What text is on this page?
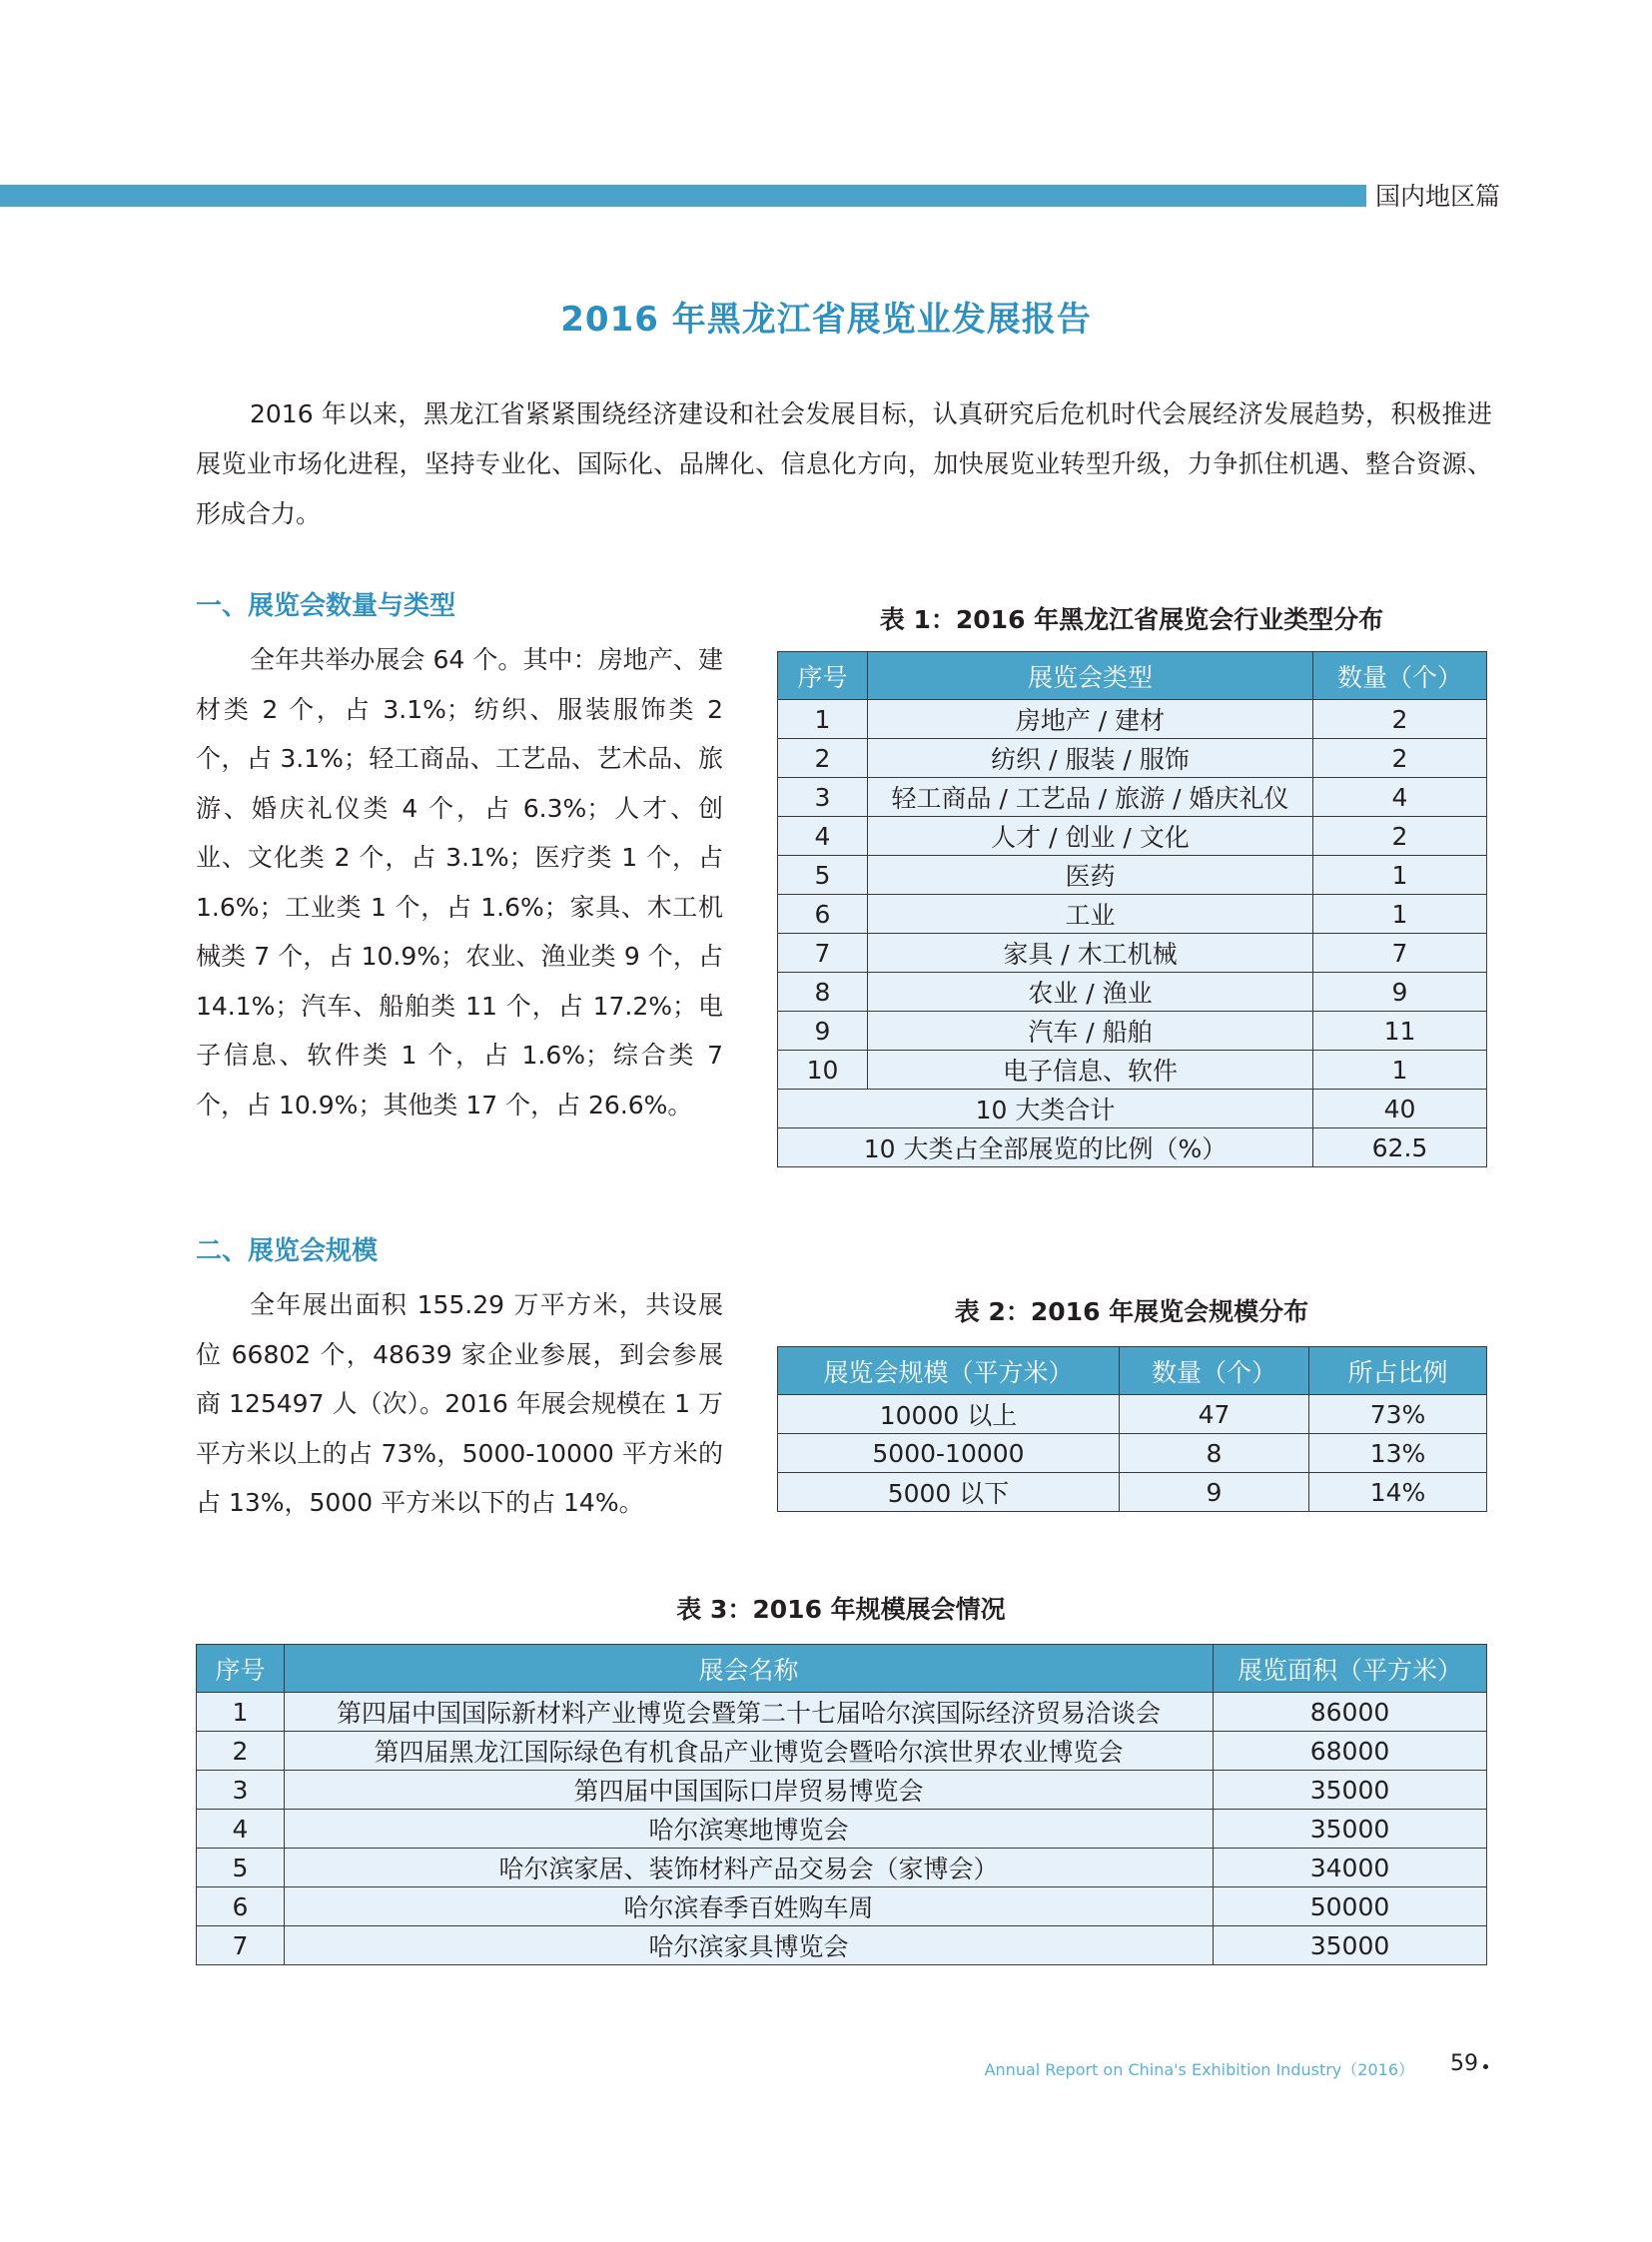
国内地区篇
2016 年黑龙江省展览业发展报告

2016 年以来，黑龙江省紧紧围绕经济建设和社会发展目标，认真研究后危机时代会展经济发展趋势，积极推进展览业市场化进程，坚持专业化、国际化、品牌化、信息化方向，加快展览业转型升级，力争抓住机遇、整合资源、形成合力。

一、展览会数量与类型

全年共举办展会 64 个。其中：房地产、建材类 2 个，占 3.1%；纺织、服装服饰类 2 个，占 3.1%；轻工商品、工艺品、艺术品、旅游、婚庆礼仪类 4 个，占 6.3%；人才、创业、文化类 2 个，占 3.1%；医疗类 1 个，占 1.6%；工业类 1 个，占 1.6%；家具、木工机械类 7 个，占 10.9%；农业、渔业类 9 个，占 14.1%；汽车、船舶类 11 个，占 17.2%；电子信息、软件类 1 个，占 1.6%；综合类 7 个，占 10.9%；其他类 17 个，占 26.6%。

表 1：2016 年黑龙江省展览会行业类型分布
序号	展览会类型	数量（个）
1	房地产 / 建材	2
2	纺织 / 服装 / 服饰	2
3	轻工商品 / 工艺品 / 旅游 / 婚庆礼仪	4
4	人才 / 创业 / 文化	2
5	医药	1
6	工业	1
7	家具 / 木工机械	7
8	农业 / 渔业	9
9	汽车 / 船舶	11
10	电子信息、软件	1
10 大类合计		40
10 大类占全部展览的比例（%）		62.5
二、展览会规模

全年展出面积 155.29 万平方米，共设展位 66802 个，48639 家企业参展，到会参展商 125497 人（次）。2016 年展会规模在 1 万平方米以上的占 73%，5000-10000 平方米的占 13%，5000 平方米以下的占 14%。

表 2：2016 年展览会规模分布
展览会规模（平方米）	数量（个）	所占比例
10000 以上	47	73%
5000-10000	8	13%
5000 以下	9	14%
表 3：2016 年规模展会情况
序号	展会名称	展览面积（平方米）
1	第四届中国国际新材料产业博览会暨第二十七届哈尔滨国际经济贸易洽谈会	86000
2	第四届黑龙江国际绿色有机食品产业博览会暨哈尔滨世界农业博览会	68000
3	第四届中国国际口岸贸易博览会	35000
4	哈尔滨寒地博览会	35000
5	哈尔滨家居、装饰材料产品交易会（家博会）	34000
6	哈尔滨春季百姓购车周	50000
7	哈尔滨家具博览会	35000
Annual Report on China's Exhibition Industry（2016） 59
